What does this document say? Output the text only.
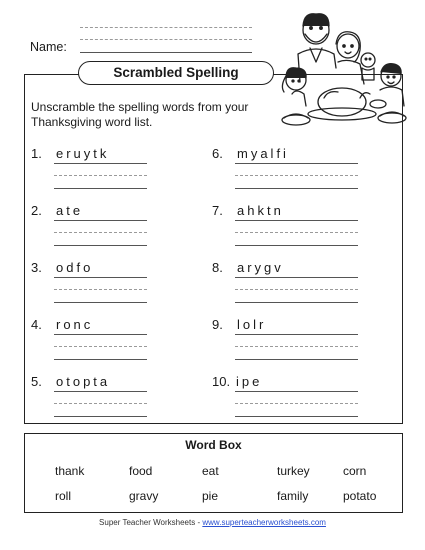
Name:
Scrambled Spelling
Unscramble the spelling words from your Thanksgiving word list.
1. eruytk
2. ate
3. odfo
4. ronc
5. otopta
6. myalfi
7. ahktn
8. arygv
9. lolr
10. ipe
Word Box
thank	food	eat	turkey	corn
roll	gravy	pie	family	potato
Super Teacher Worksheets - www.superteacherworksheets.com
